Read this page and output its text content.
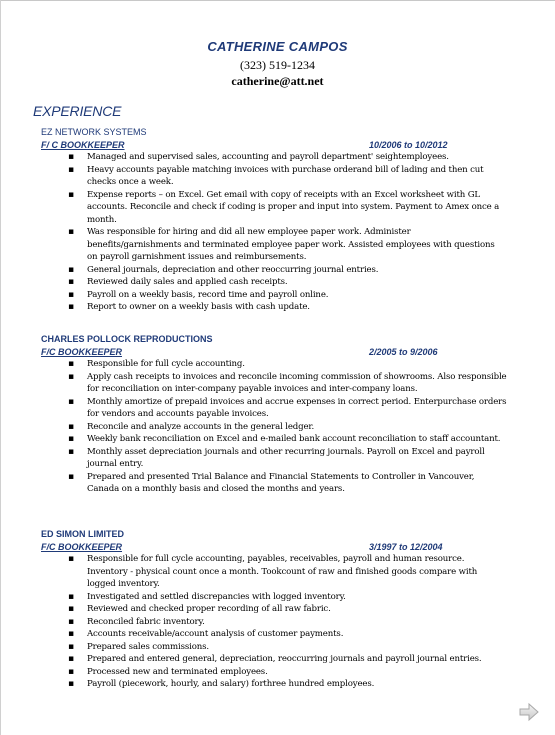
CATHERINE CAMPOS
(323) 519-1234
catherine@att.net
EXPERIENCE
EZ NETWORK SYSTEMS
F/ C BOOKKEEPER	10/2006 to 10/2012
▪ Managed and supervised sales, accounting and payroll department' seightemployees.
▪ Heavy accounts payable matching invoices with purchase orderand bill of lading and then cut checks once a week.
▪ Expense reports – on Excel. Get email with copy of receipts with an Excel worksheet with GL accounts. Reconcile and check if coding is proper and input into system. Payment to Amex once a month.
▪ Was responsible for hiring and did all new employee paper work. Administer benefits/garnishments and terminated employee paper work. Assisted employees with questions on payroll garnishment issues and reimbursements.
▪ General journals, depreciation and other reoccurring journal entries.
▪ Reviewed daily sales and applied cash receipts.
▪ Payroll on a weekly basis, record time and payroll online.
▪ Report to owner on a weekly basis with cash update.
CHARLES POLLOCK REPRODUCTIONS
F/C BOOKKEEPER	2/2005 to 9/2006
▪ Responsible for full cycle accounting.
▪ Apply cash receipts to invoices and reconcile incoming commission of showrooms. Also responsible for reconciliation on inter-company payable invoices and inter-company loans.
▪ Monthly amortize of prepaid invoices and accrue expenses in correct period. Enterpurchase orders for vendors and accounts payable invoices.
▪ Reconcile and analyze accounts in the general ledger.
▪ Weekly bank reconciliation on Excel and e-mailed bank account reconciliation to staff accountant.
▪ Monthly asset depreciation journals and other recurring journals. Payroll on Excel and payroll journal entry.
▪ Prepared and presented Trial Balance and Financial Statements to Controller in Vancouver, Canada on a monthly basis and closed the months and years.
ED SIMON LIMITED
F/C BOOKKEEPER	3/1997 to 12/2004
▪ Responsible for full cycle accounting, payables, receivables, payroll and human resource. Inventory - physical count once a month. Tookcount of raw and finished goods compare with logged inventory.
▪ Investigated and settled discrepancies with logged inventory.
▪ Reviewed and checked proper recording of all raw fabric.
▪ Reconciled fabric inventory.
▪ Accounts receivable/account analysis of customer payments.
▪ Prepared sales commissions.
▪ Prepared and entered general, depreciation, reoccurring journals and payroll journal entries.
▪ Processed new and terminated employees.
▪ Payroll (piecework, hourly, and salary) forthree hundred employees.
